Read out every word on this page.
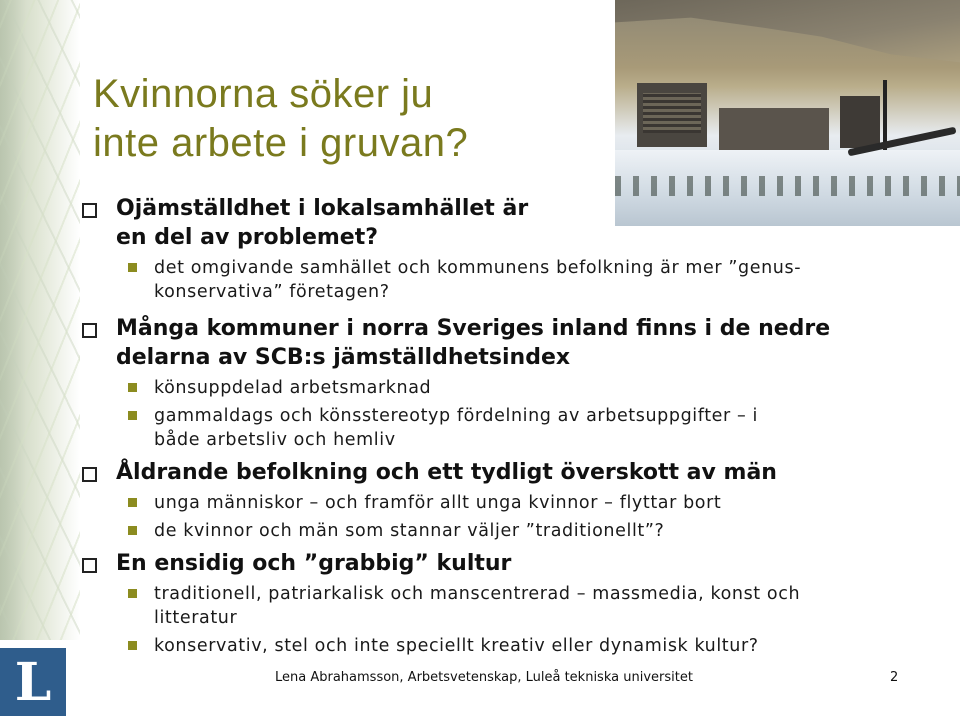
L
Kvinnorna söker ju
inte arbete i gruvan?
Ojämställdhet i lokalsamhället är
en del av problemet?
det omgivande samhället och kommunens befolkning är mer ”genus-
konservativa” företagen?
Många kommuner i norra Sveriges inland finns i de nedre
delarna av SCB:s jämställdhetsindex
könsuppdelad arbetsmarknad
gammaldags och könsstereotyp fördelning av arbetsuppgifter – i
både arbetsliv och hemliv
Åldrande befolkning och ett tydligt överskott av män
unga människor – och framför allt unga kvinnor – flyttar bort
de kvinnor och män som stannar väljer ”traditionellt”?
En ensidig och ”grabbig” kultur
traditionell, patriarkalisk och manscentrerad – massmedia, konst och
litteratur
konservativ, stel och inte speciellt kreativ eller dynamisk kultur?
Lena Abrahamsson, Arbetsvetenskap, Luleå tekniska universitet	2
